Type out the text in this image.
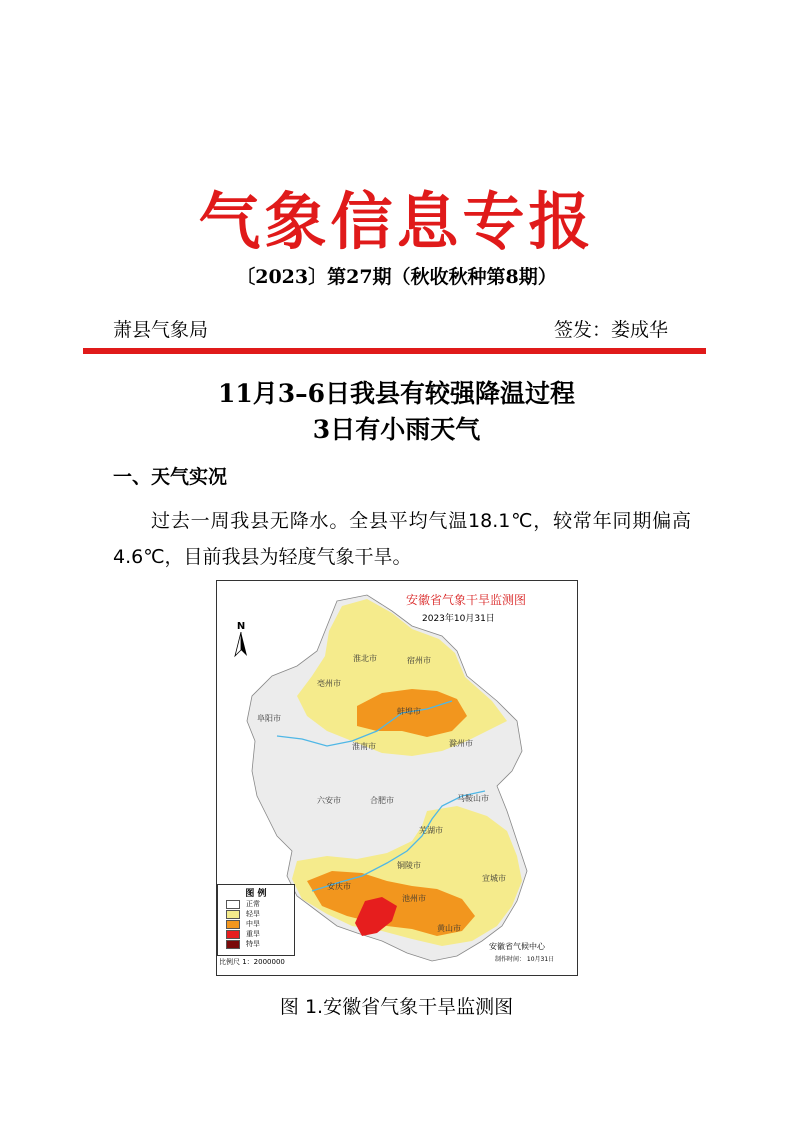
气象信息专报
〔2023〕第27期（秋收秋种第8期）
萧县气象局	签发：娄成华
11月3–6日我县有较强降温过程
3日有小雨天气
一、天气实况
过去一周我县无降水。全县平均气温18.1℃，较常年同期偏高4.6℃，目前我县为轻度气象干旱。
淮北市	宿州市
亳州市
蚌埠市
阜阳市
淮南市	滁州市
六安市	合肥市	马鞍山市
芜湖市
铜陵市
宣城市
安庆市
池州市
黄山市
安徽省气象干旱监测图
2023年10月31日
N
图 例
正常
轻旱
中旱
重旱
特旱
比例尺 1：2000000
安徽省气候中心
制作时间： 10月31日
图 1.安徽省气象干旱监测图
